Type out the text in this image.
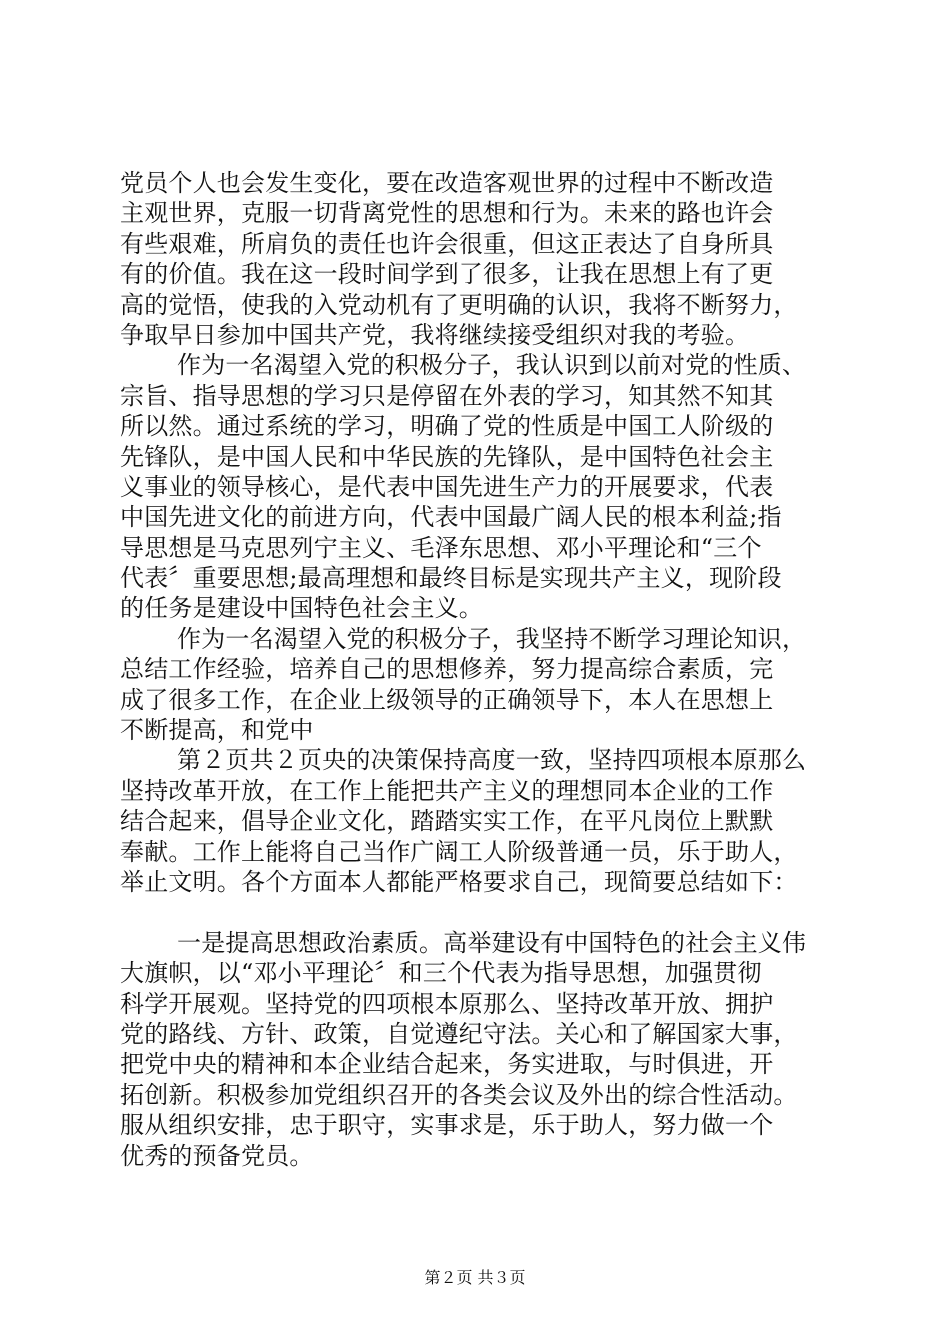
党员个人也会发生变化，要在改造客观世界的过程中不断改造
主观世界，克服一切背离党性的思想和行为。未来的路也许会
有些艰难，所肩负的责任也许会很重，但这正表达了自身所具
有的价值。我在这一段时间学到了很多，让我在思想上有了更
高的觉悟，使我的入党动机有了更明确的认识，我将不断努力，
争取早日参加中国共产党，我将继续接受组织对我的考验。
作为一名渴望入党的积极分子，我认识到以前对党的性质、
宗旨、指导思想的学习只是停留在外表的学习，知其然不知其
所以然。通过系统的学习，明确了党的性质是中国工人阶级的
先锋队，是中国人民和中华民族的先锋队，是中国特色社会主
义事业的领导核心，是代表中国先进生产力的开展要求，代表
中国先进文化的前进方向，代表中国最广阔人民的根本利益;指
导思想是马克思列宁主义、毛泽东思想、邓小平理论和“三个
代表〞重要思想;最高理想和最终目标是实现共产主义，现阶段
的任务是建设中国特色社会主义。
作为一名渴望入党的积极分子，我坚持不断学习理论知识，
总结工作经验，培养自己的思想修养，努力提高综合素质，完
成了很多工作，在企业上级领导的正确领导下，本人在思想上
不断提高，和党中
第２页共２页央的决策保持高度一致，坚持四项根本原那么
坚持改革开放，在工作上能把共产主义的理想同本企业的工作
结合起来，倡导企业文化，踏踏实实工作，在平凡岗位上默默
奉献。工作上能将自己当作广阔工人阶级普通一员，乐于助人，
举止文明。各个方面本人都能严格要求自己，现简要总结如下：
一是提高思想政治素质。高举建设有中国特色的社会主义伟
大旗帜，以“邓小平理论〞和三个代表为指导思想，加强贯彻
科学开展观。坚持党的四项根本原那么、坚持改革开放、拥护
党的路线、方针、政策，自觉遵纪守法。关心和了解国家大事，
把党中央的精神和本企业结合起来，务实进取，与时俱进，开
拓创新。积极参加党组织召开的各类会议及外出的综合性活动。
服从组织安排，忠于职守，实事求是，乐于助人，努力做一个
优秀的预备党员。
第２页 共３页
